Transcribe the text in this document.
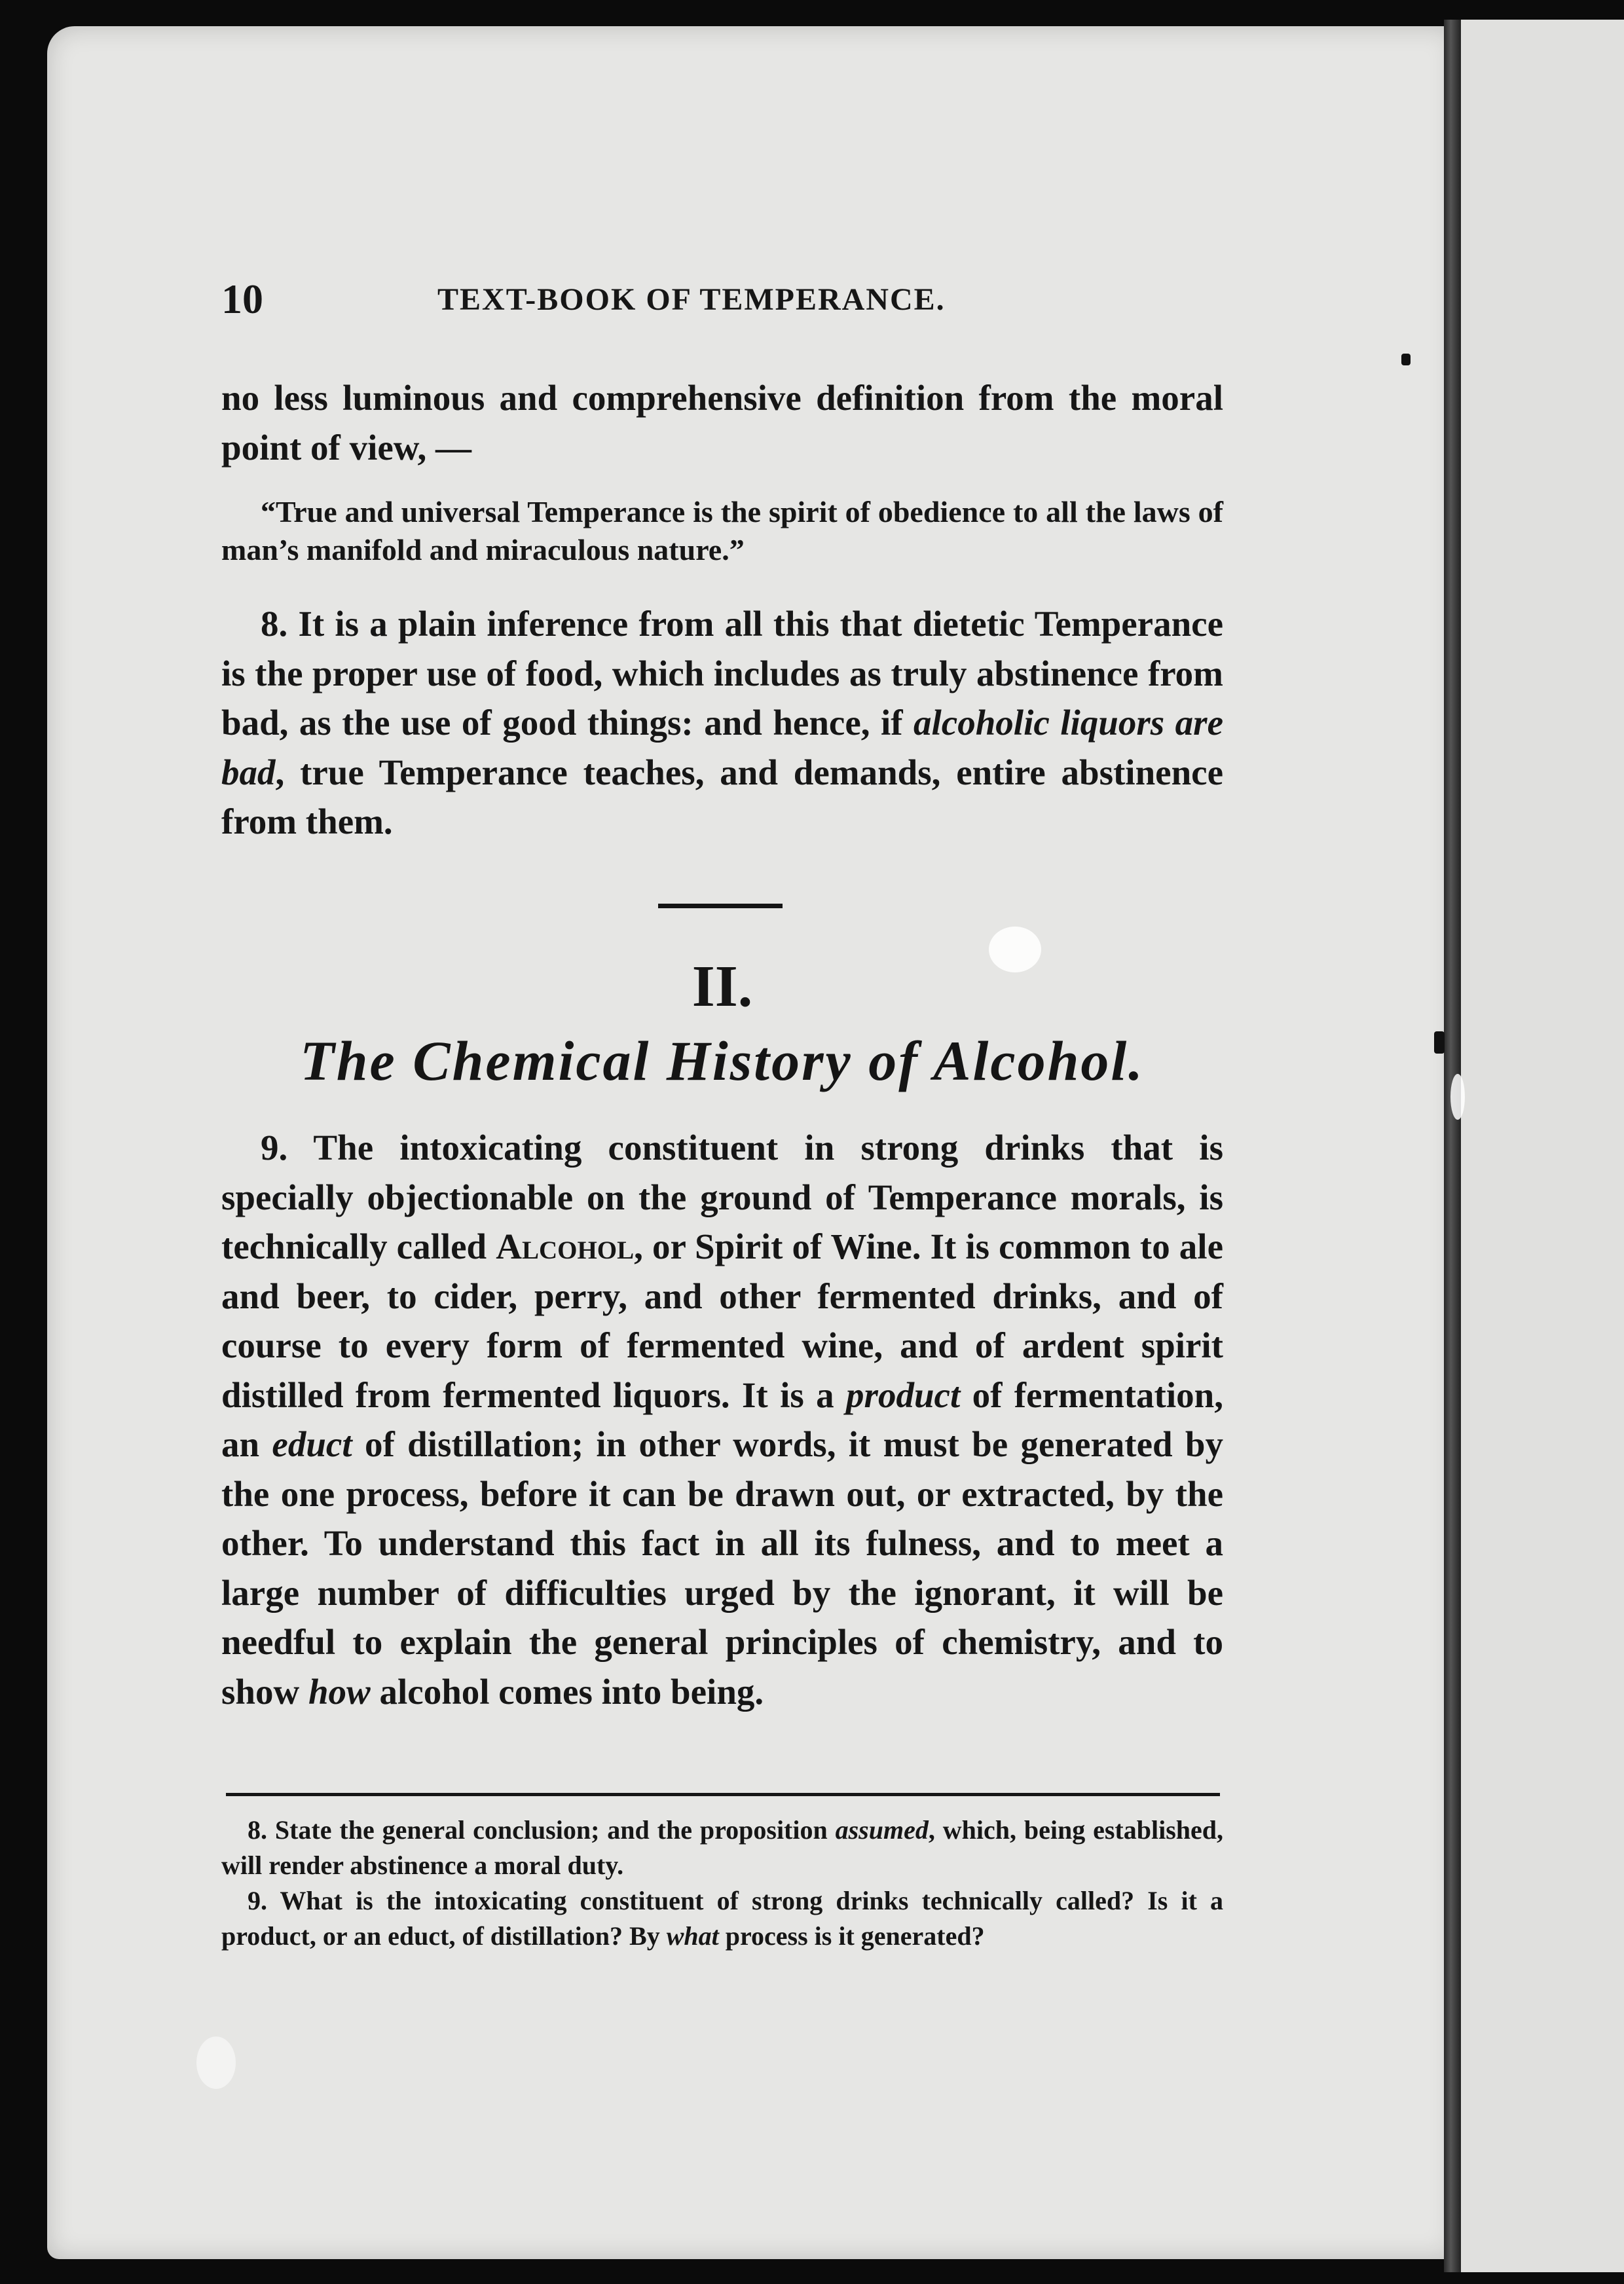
10	TEXT-BOOK OF TEMPERANCE.

no less luminous and comprehensive definition from the moral point of view, —

“True and universal Temperance is the spirit of obedience to all the laws of man’s manifold and miraculous nature.”

8. It is a plain inference from all this that dietetic Temperance is the proper use of food, which includes as truly abstinence from bad, as the use of good things: and hence, if alcoholic liquors are bad, true Temperance teaches, and demands, entire abstinence from them.

II.
The Chemical History of Alcohol.

9. The intoxicating constituent in strong drinks that is specially objectionable on the ground of Temperance morals, is technically called Alcohol, or Spirit of Wine. It is common to ale and beer, to cider, perry, and other fermented drinks, and of course to every form of fermented wine, and of ardent spirit distilled from fermented liquors. It is a product of fermentation, an educt of distillation; in other words, it must be generated by the one process, before it can be drawn out, or extracted, by the other. To understand this fact in all its fulness, and to meet a large number of difficulties urged by the ignorant, it will be needful to explain the general principles of chemistry, and to show how alcohol comes into being.

8. State the general conclusion; and the proposition assumed, which, being established, will render abstinence a moral duty.

9. What is the intoxicating constituent of strong drinks technically called? Is it a product, or an educt, of distillation? By what process is it generated?
